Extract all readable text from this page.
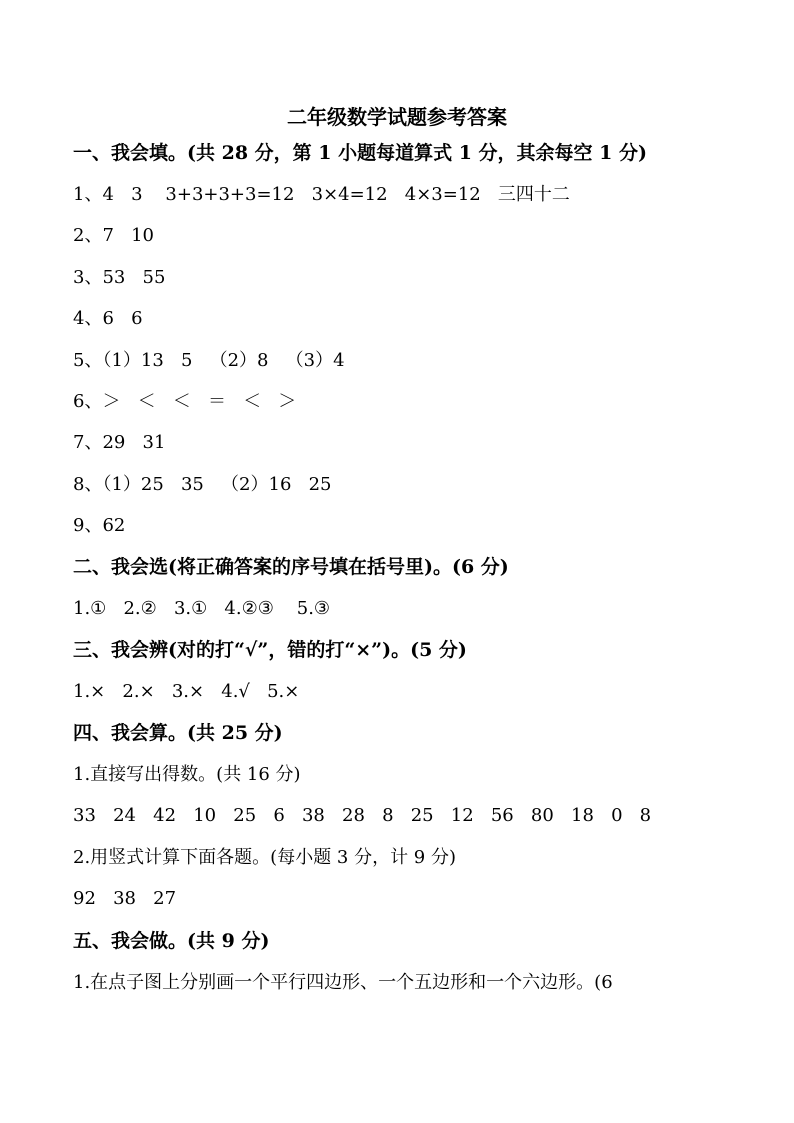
二年级数学试题参考答案
一、我会填。(共 28 分，第 1 小题每道算式 1 分，其余每空 1 分)
1、4   3    3+3+3+3=12   3×4=12   4×3=12   三四十二
2、7   10
3、53   55
4、6   6
5、（1）13   5   （2）8   （3）4
6、＞   ＜   ＜   ＝   ＜   ＞
7、29   31
8、（1）25   35   （2）16   25
9、62
二、我会选(将正确答案的序号填在括号里)。(6 分)
1.①   2.②   3.①   4.②③    5.③
三、我会辨(对的打“√”，错的打“×”)。(5 分)
1.×   2.×   3.×   4.√   5.×
四、我会算。(共 25 分)
1.直接写出得数。(共 16 分)
33   24   42   10   25   6   38   28   8   25   12   56   80   18   0   8
2.用竖式计算下面各题。(每小题 3 分，计 9 分)
92   38   27
五、我会做。(共 9 分)
1.在点子图上分别画一个平行四边形、一个五边形和一个六边形。(6
